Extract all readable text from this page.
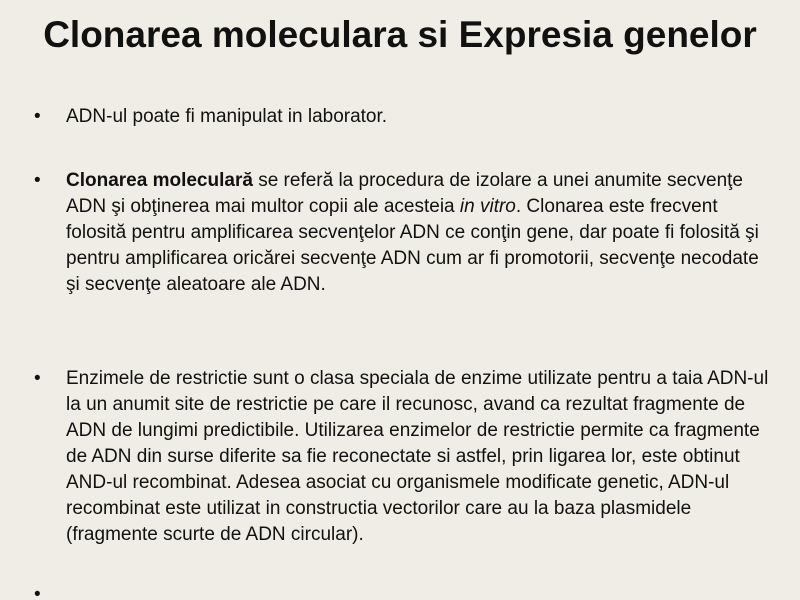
Clonarea moleculara si Expresia genelor
• ADN-ul poate fi manipulat in laborator.
• Clonarea moleculară se referă la procedura de izolare a unei anumite secvenţe ADN şi obţinerea mai multor copii ale acesteia in vitro. Clonarea este frecvent folosită pentru amplificarea secvenţelor ADN ce conţin gene, dar poate fi folosită şi pentru amplificarea oricărei secvenţe ADN cum ar fi promotorii, secvenţe necodate şi secvenţe aleatoare ale ADN.
• Enzimele de restrictie sunt o clasa speciala de enzime utilizate pentru a taia ADN-ul la un anumit site de restrictie pe care il recunosc, avand ca rezultat fragmente de ADN de lungimi predictibile. Utilizarea enzimelor de restrictie permite ca fragmente de ADN din surse diferite sa fie reconectate si astfel, prin ligarea lor, este obtinut AND-ul recombinat. Adesea asociat cu organismele modificate genetic, ADN-ul recombinat este utilizat in constructia vectorilor care au la baza plasmidele (fragmente scurte de ADN circular).
•
